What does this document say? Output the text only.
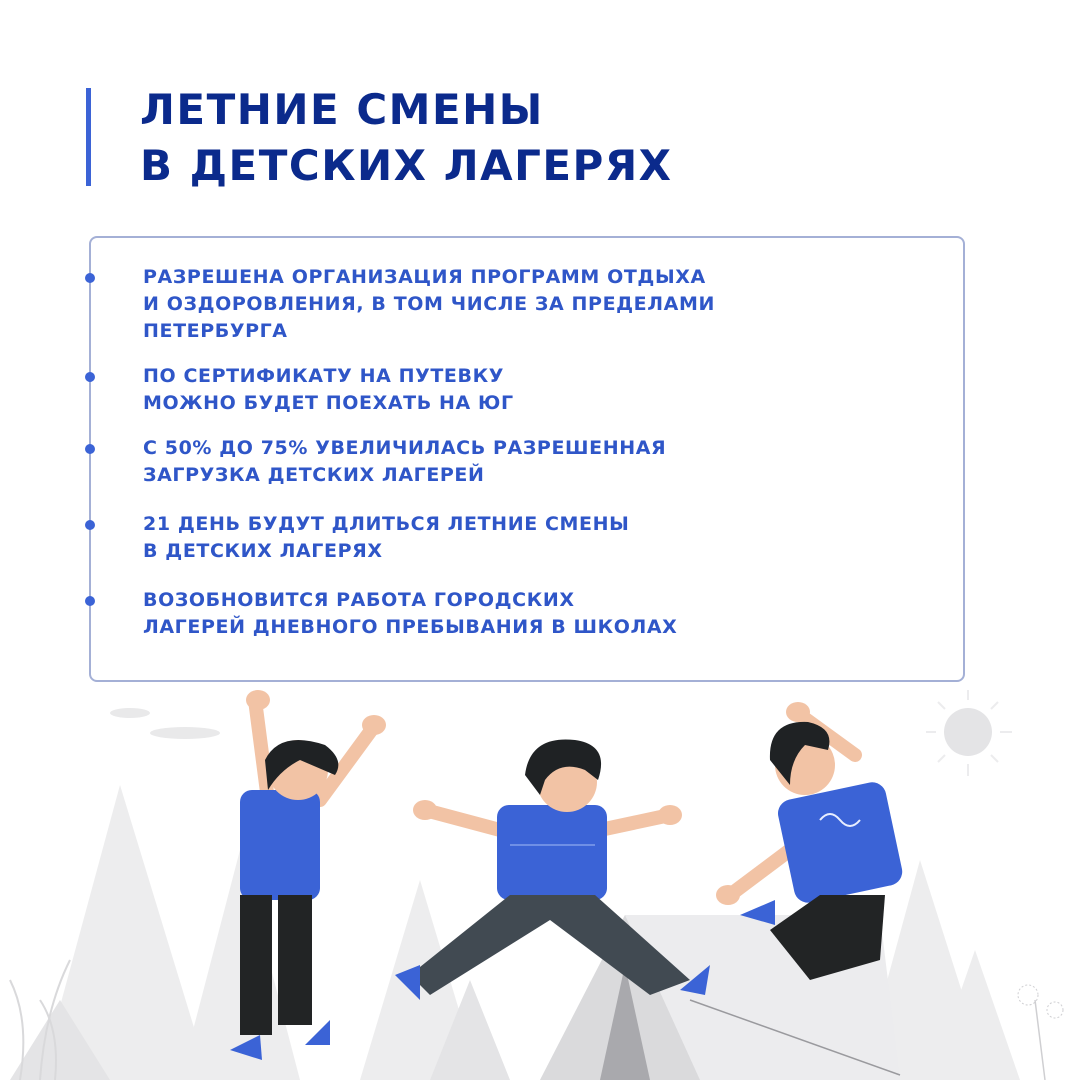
ЛЕТНИЕ СМЕНЫ
В ДЕТСКИХ ЛАГЕРЯХ
РАЗРЕШЕНА ОРГАНИЗАЦИЯ ПРОГРАММ ОТДЫХА
И ОЗДОРОВЛЕНИЯ, В ТОМ ЧИСЛЕ ЗА ПРЕДЕЛАМИ
ПЕТЕРБУРГА
ПО СЕРТИФИКАТУ НА ПУТЕВКУ
МОЖНО БУДЕТ ПОЕХАТЬ НА ЮГ
С 50% ДО 75% УВЕЛИЧИЛАСЬ РАЗРЕШЕННАЯ
ЗАГРУЗКА ДЕТСКИХ ЛАГЕРЕЙ
21 ДЕНЬ БУДУТ ДЛИТЬСЯ ЛЕТНИЕ СМЕНЫ
В ДЕТСКИХ ЛАГЕРЯХ
ВОЗОБНОВИТСЯ РАБОТА ГОРОДСКИХ
ЛАГЕРЕЙ ДНЕВНОГО ПРЕБЫВАНИЯ В ШКОЛАХ
